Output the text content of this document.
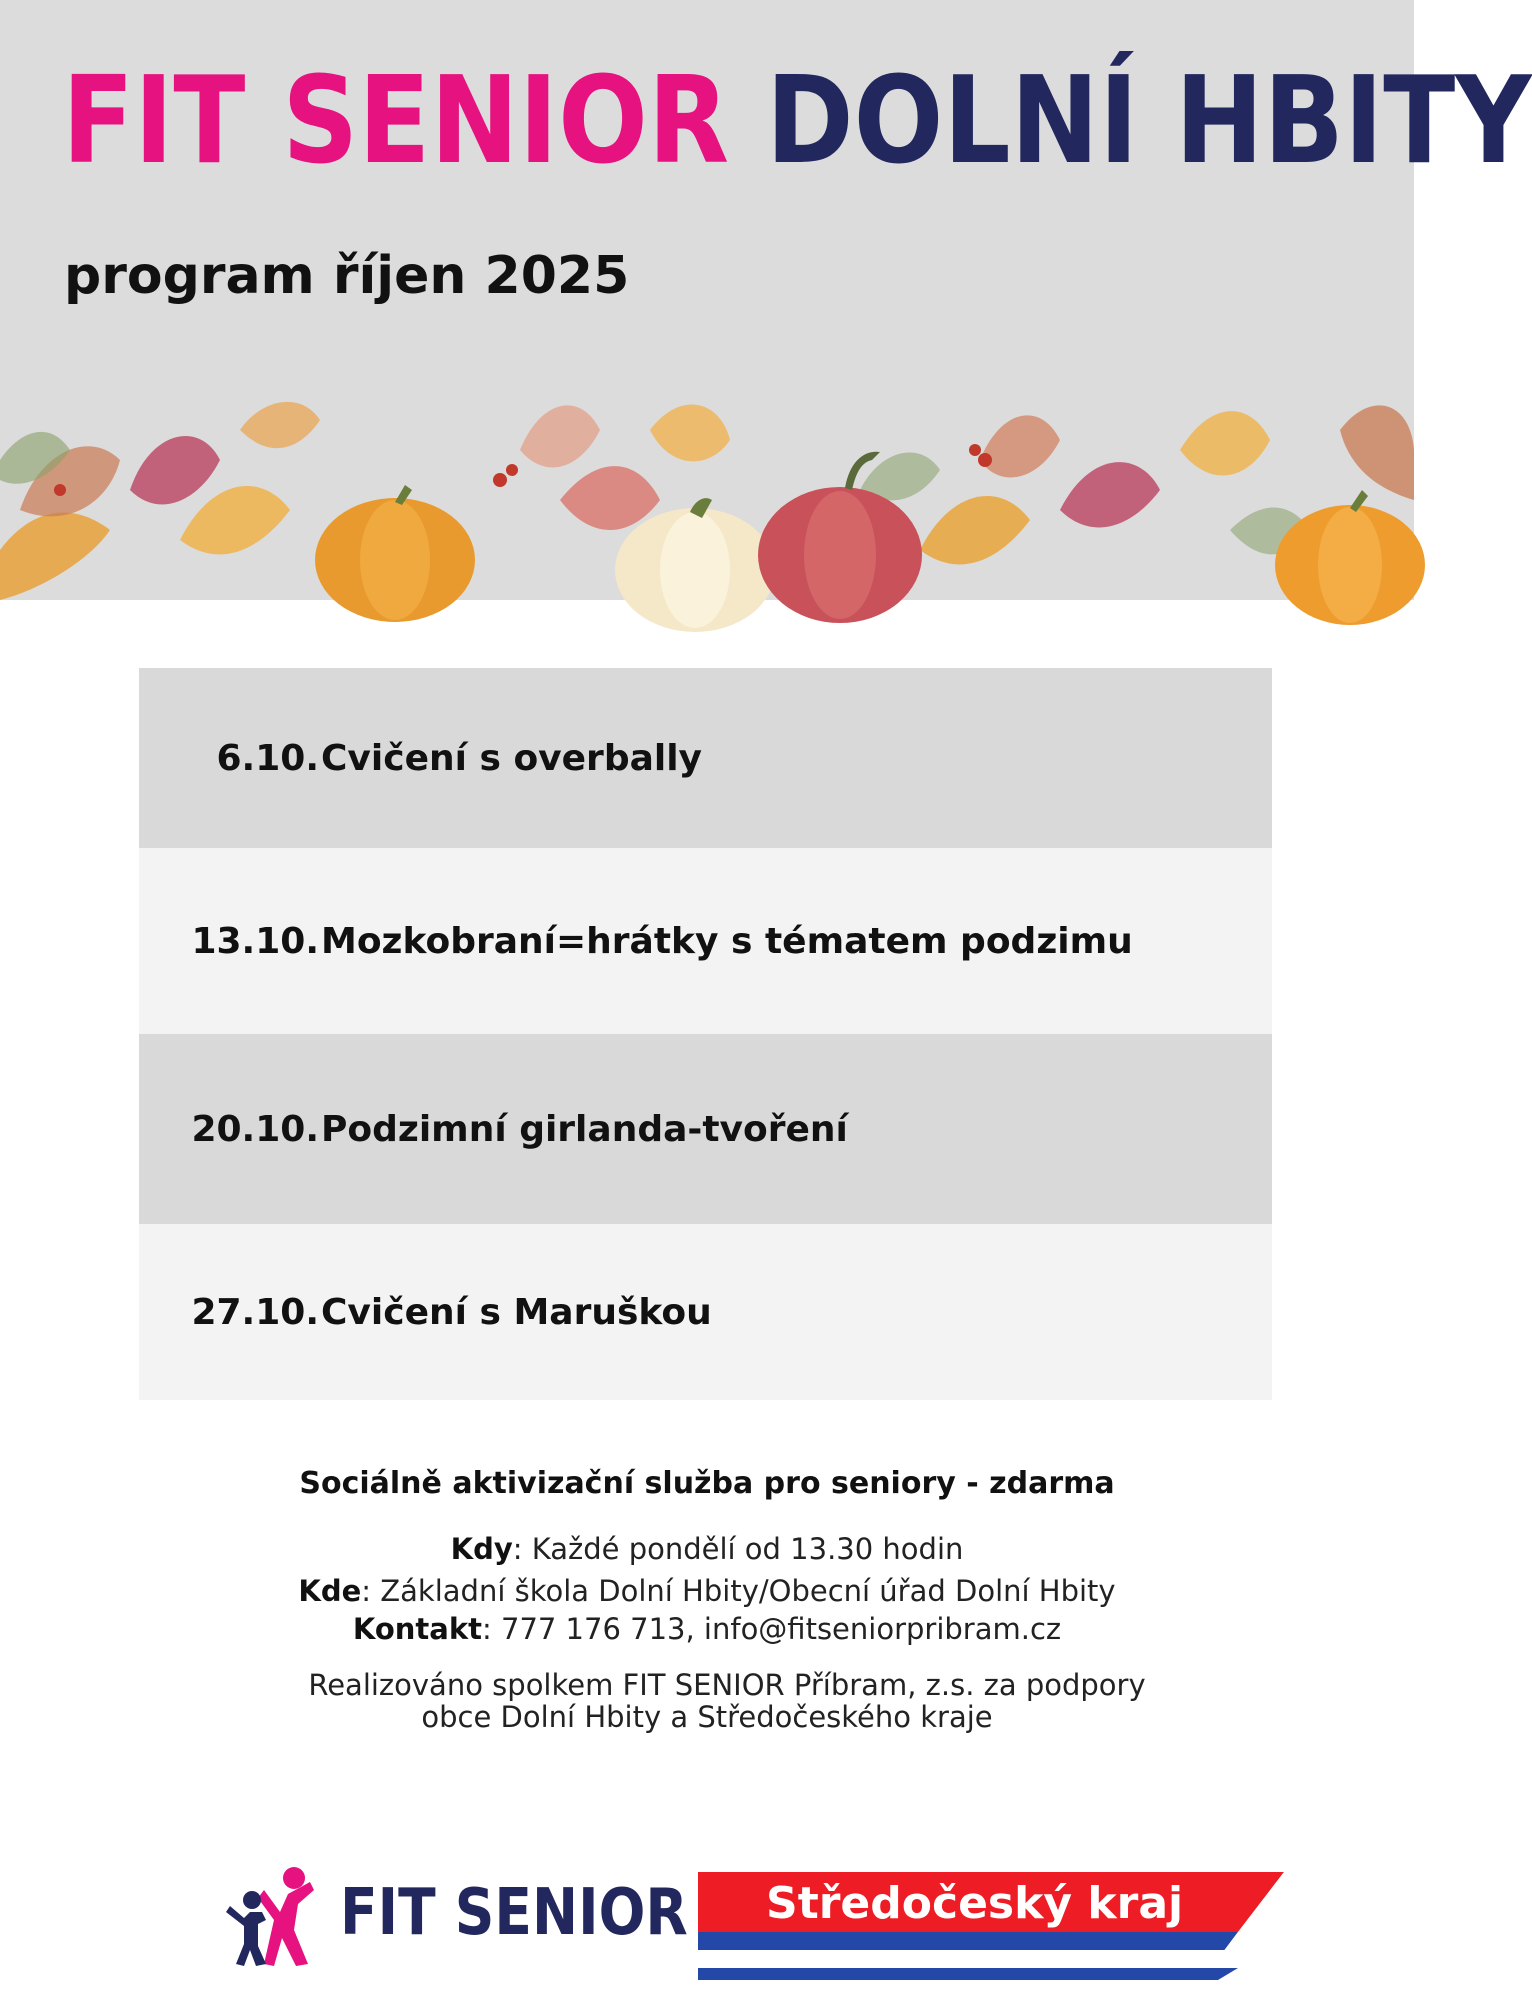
FIT SENIOR DOLNÍ HBITY
program říjen 2025
6.10. Cvičení s overbally
13.10. Mozkobraní=hrátky s tématem podzimu
20.10. Podzimní girlanda-tvoření
27.10. Cvičení s Maruškou
Sociálně aktivizační služba pro seniory - zdarma
Kdy: Každé pondělí od 13.30 hodin
Kde: Základní škola Dolní Hbity/Obecní úřad Dolní Hbity
Kontakt: 777 176 713, info@fitseniorpribram.cz
Realizováno spolkem FIT SENIOR Příbram, z.s. za podpory
obce Dolní Hbity a Středočeského kraje
FIT SENIOR Středočeský kraj
